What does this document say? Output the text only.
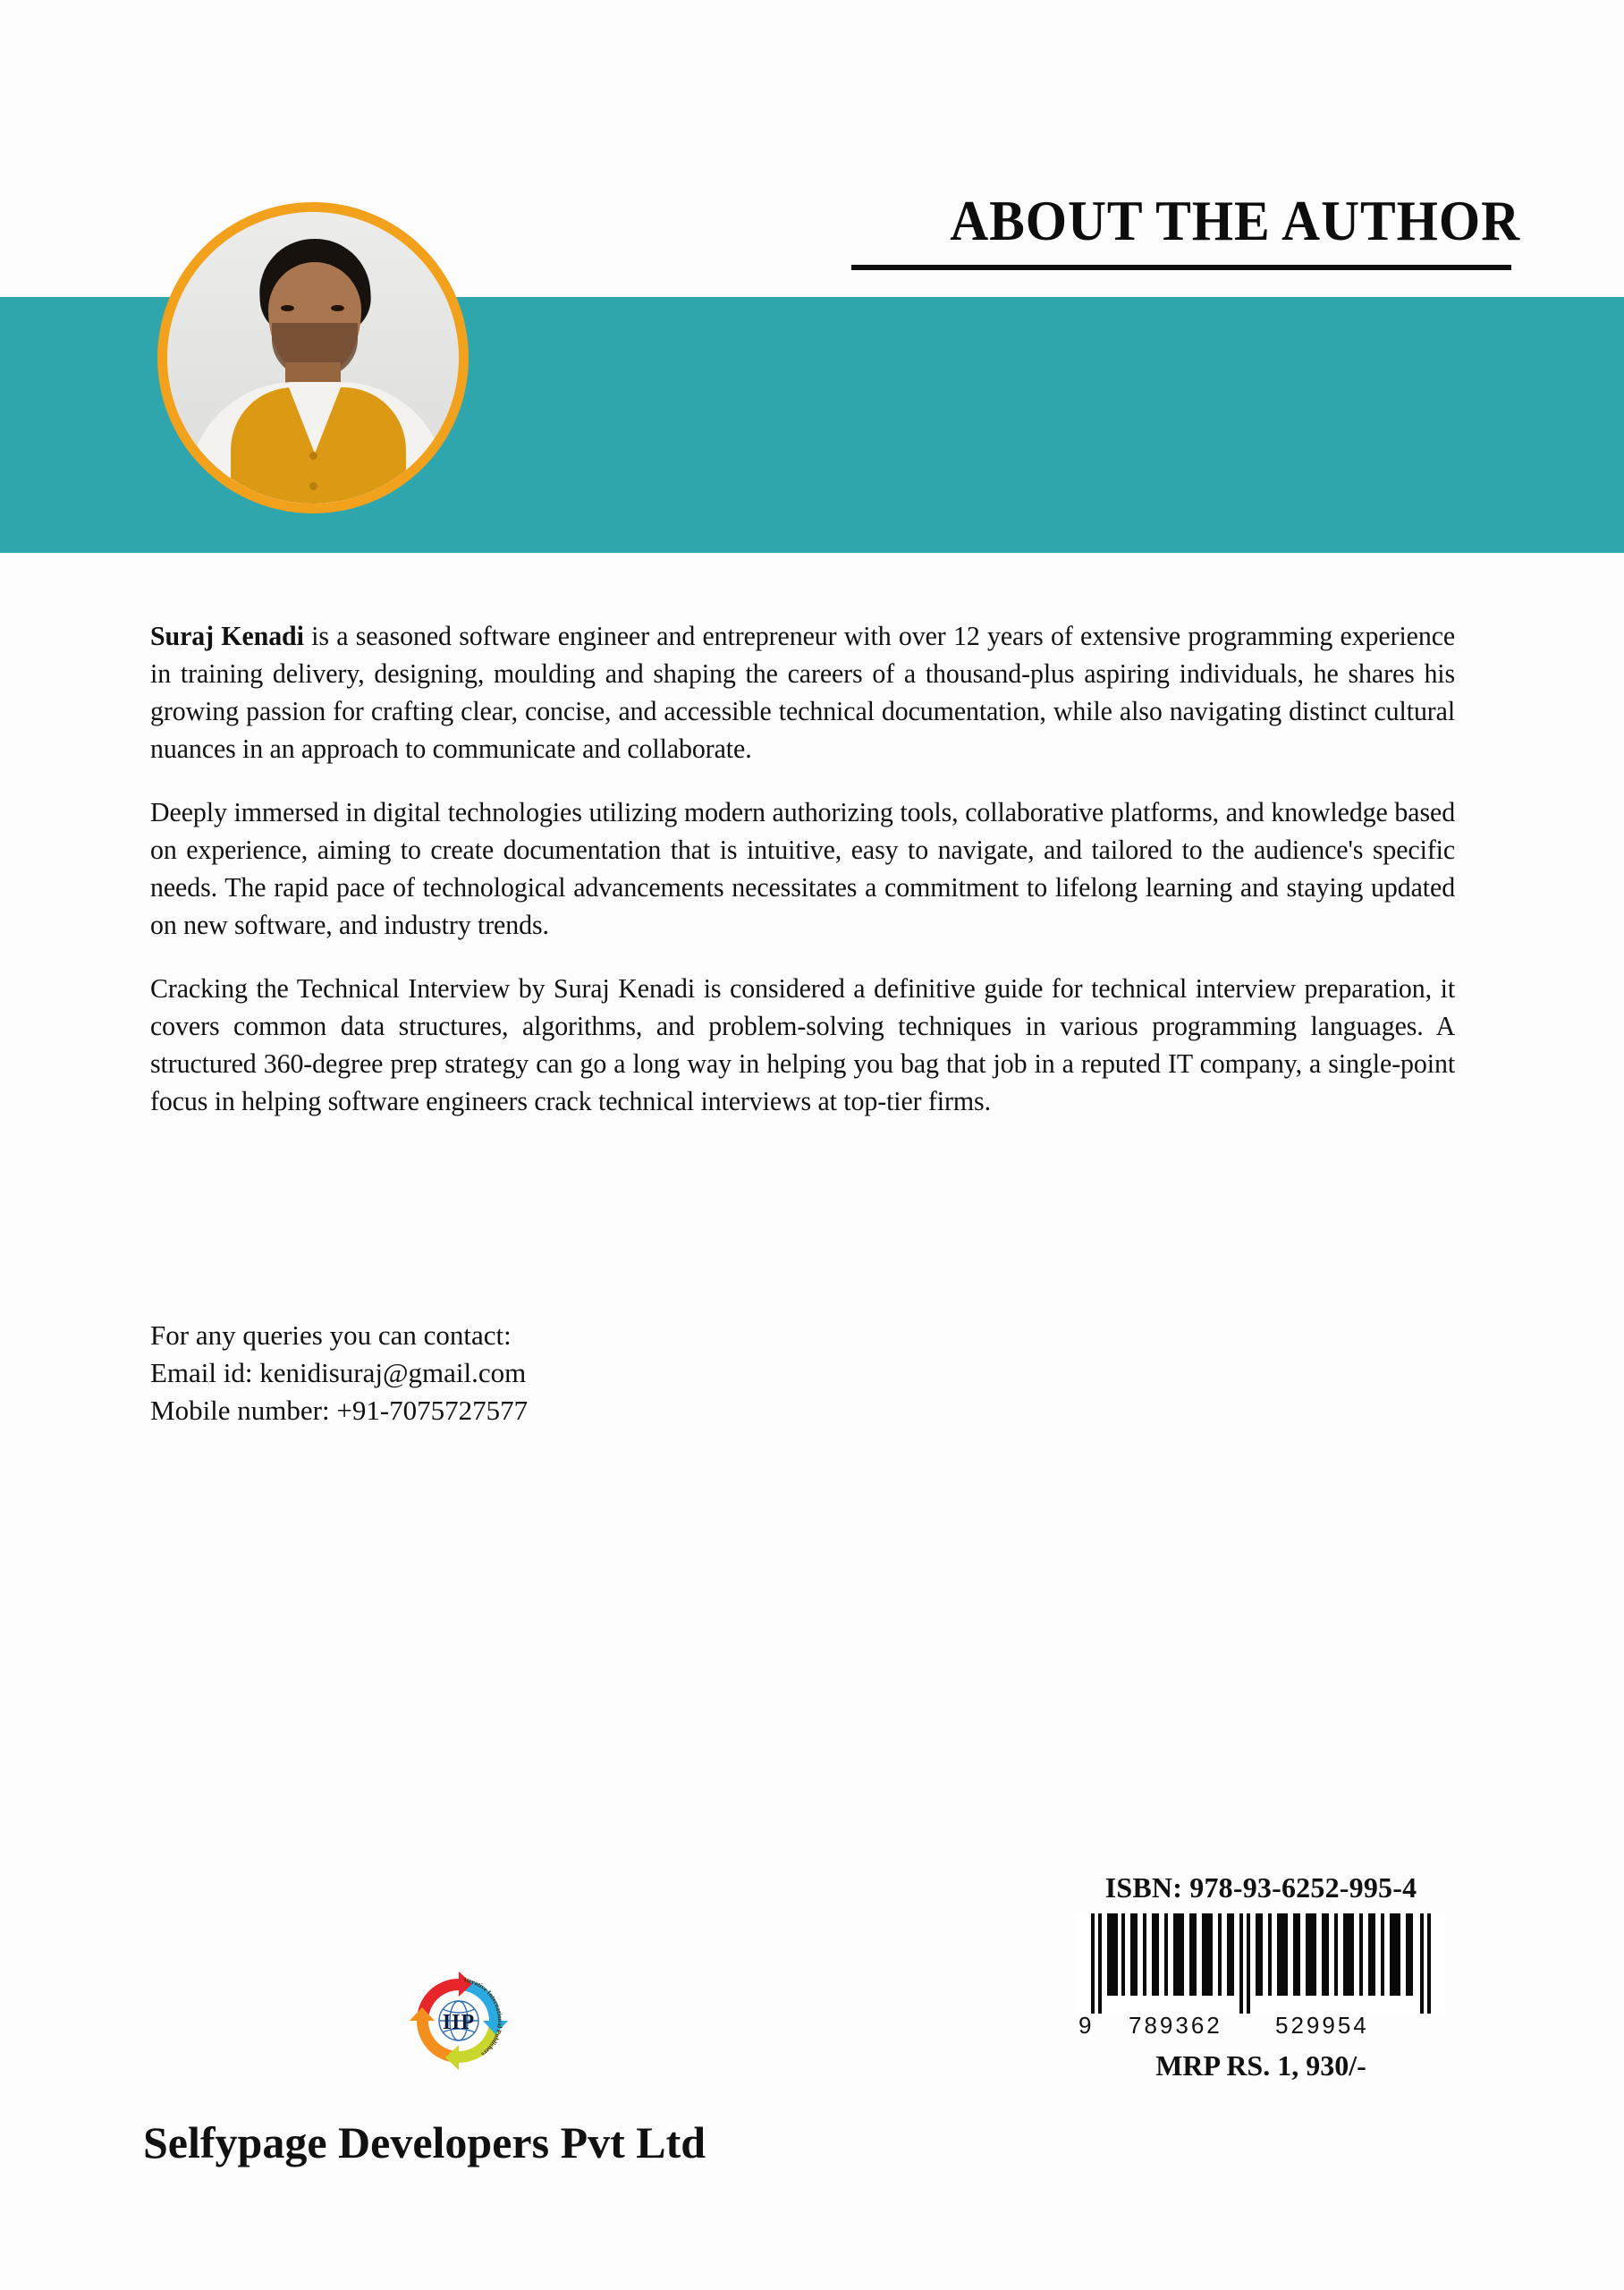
ABOUT THE AUTHOR

Suraj Kenadi is a seasoned software engineer and entrepreneur with over 12 years of extensive programming experience in training delivery, designing, moulding and shaping the careers of a thousand-plus aspiring individuals, he shares his growing passion for crafting clear, concise, and accessible technical documentation, while also navigating distinct cultural nuances in an approach to communicate and collaborate.

Deeply immersed in digital technologies utilizing modern authorizing tools, collaborative platforms, and knowledge based on experience, aiming to create documentation that is intuitive, easy to navigate, and tailored to the audience's specific needs. The rapid pace of technological advancements necessitates a commitment to lifelong learning and staying updated on new software, and industry trends.

Cracking the Technical Interview by Suraj Kenadi is considered a definitive guide for technical interview preparation, it covers common data structures, algorithms, and problem-solving techniques in various programming languages. A structured 360-degree prep strategy can go a long way in helping you bag that job in a reputed IT company, a single-point focus in helping software engineers crack technical interviews at top-tier firms.

For any queries you can contact:
Email id: kenidisuraj@gmail.com
Mobile number: +91-7075727577
IIP
Iterative International Publishers
Selfypage Developers Pvt Ltd
ISBN: 978-93-6252-995-4
9 789362 529954
MRP RS. 1, 930/-
